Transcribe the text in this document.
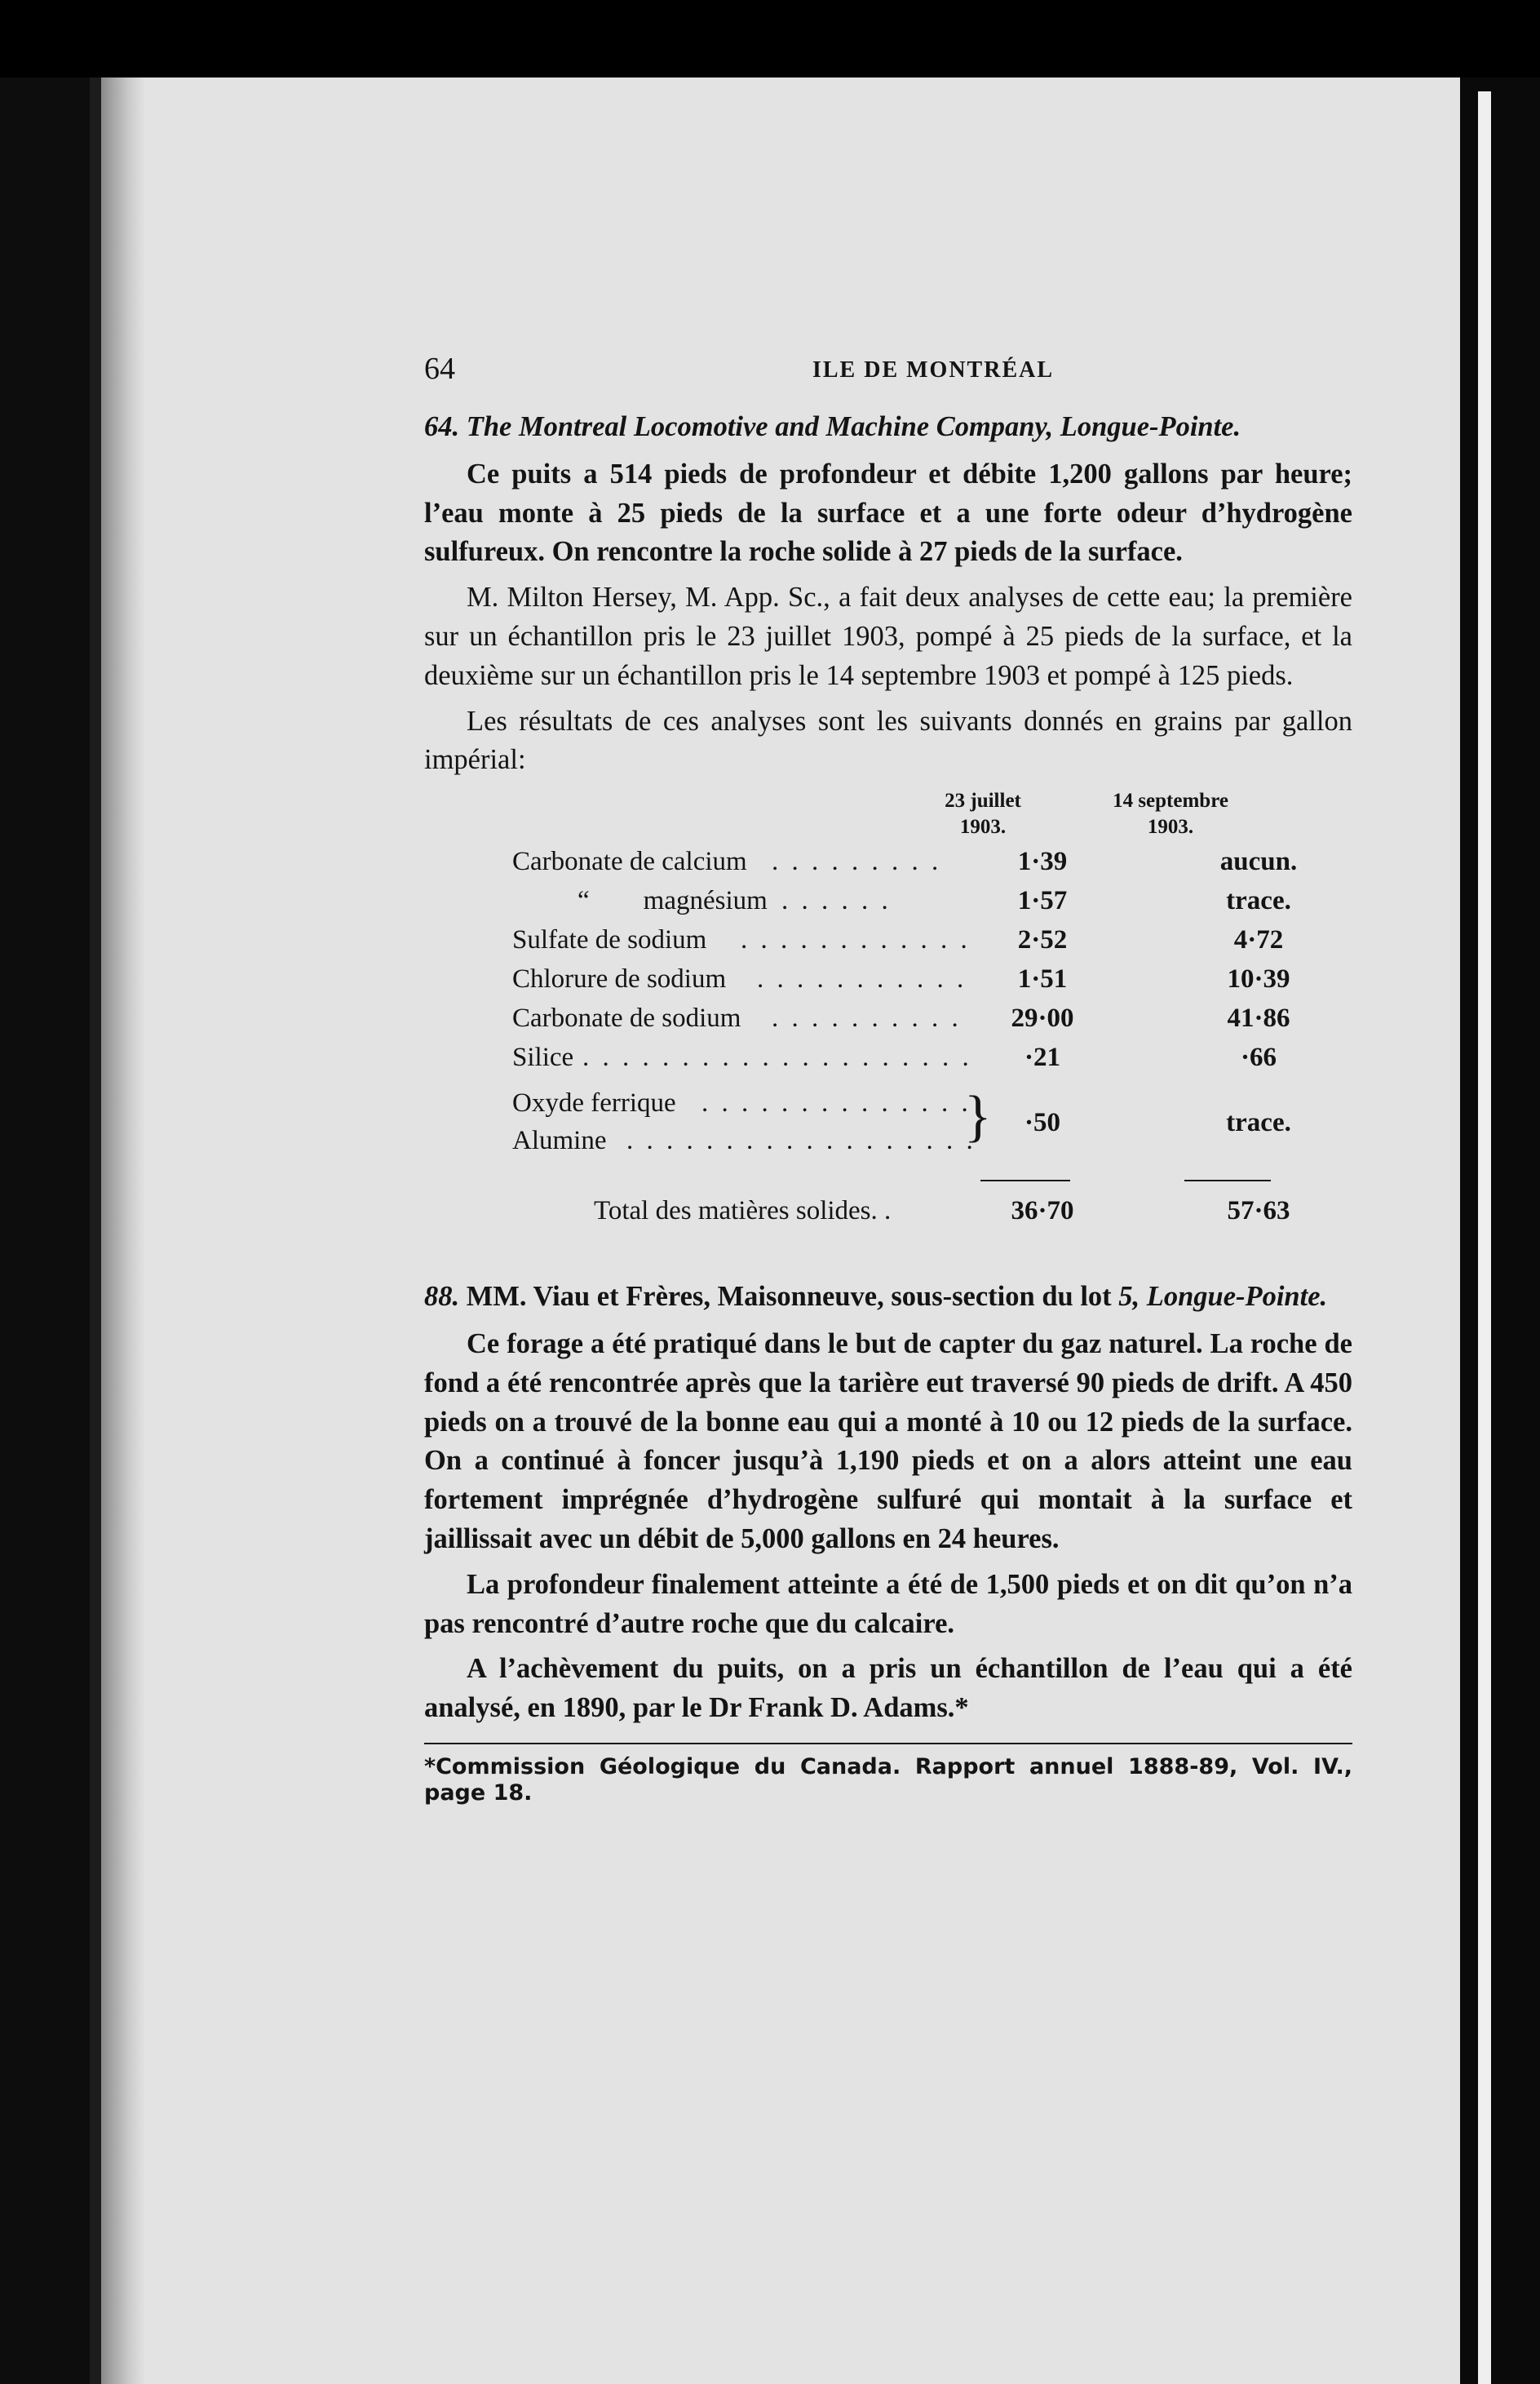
64	ILE DE MONTRÉAL

64. The Montreal Locomotive and Machine Company, Longue-Pointe.

Ce puits a 514 pieds de profondeur et débite 1,200 gallons par heure; l’eau monte à 25 pieds de la surface et a une forte odeur d’hydrogène sulfureux. On rencontre la roche solide à 27 pieds de la surface.

M. Milton Hersey, M. App. Sc., a fait deux analyses de cette eau; la première sur un échantillon pris le 23 juillet 1903, pompé à 25 pieds de la surface, et la deuxième sur un échantillon pris le 14 septembre 1903 et pompé à 125 pieds.

Les résultats de ces analyses sont les suivants donnés en grains par gallon impérial:

23 juillet
1903.
14 septembre
1903.
Carbonate de calcium . . . . . . . . .	1·39	aucun.
“        magnésium . . . . . .	1·57	trace.
Sulfate de sodium . . . . . . . . . . . .	2·52	4·72
Chlorure de sodium . . . . . . . . . . .	1·51	10·39
Carbonate de sodium . . . . . . . . . .	29·00	41·86
Silice . . . . . . . . . . . . . . . . . . . .	·21	·66
Oxyde ferrique . . . . . . . . . . . . . .
Alumine . . . . . . . . . . . . . . . . . .
}	·50	trace.
Total des matières solides. .	36·70	57·63

88. MM. Viau et Frères, Maisonneuve, sous-section du lot 5, Longue-Pointe.

Ce forage a été pratiqué dans le but de capter du gaz naturel. La roche de fond a été rencontrée après que la tarière eut traversé 90 pieds de drift. A 450 pieds on a trouvé de la bonne eau qui a monté à 10 ou 12 pieds de la surface. On a continué à foncer jusqu’à 1,190 pieds et on a alors atteint une eau fortement imprégnée d’hydrogène sulfuré qui montait à la surface et jaillissait avec un débit de 5,000 gallons en 24 heures.

La profondeur finalement atteinte a été de 1,500 pieds et on dit qu’on n’a pas rencontré d’autre roche que du calcaire.

A l’achèvement du puits, on a pris un échantillon de l’eau qui a été analysé, en 1890, par le Dr Frank D. Adams.*

*Commission Géologique du Canada. Rapport annuel 1888-89, Vol. IV., page 18.
